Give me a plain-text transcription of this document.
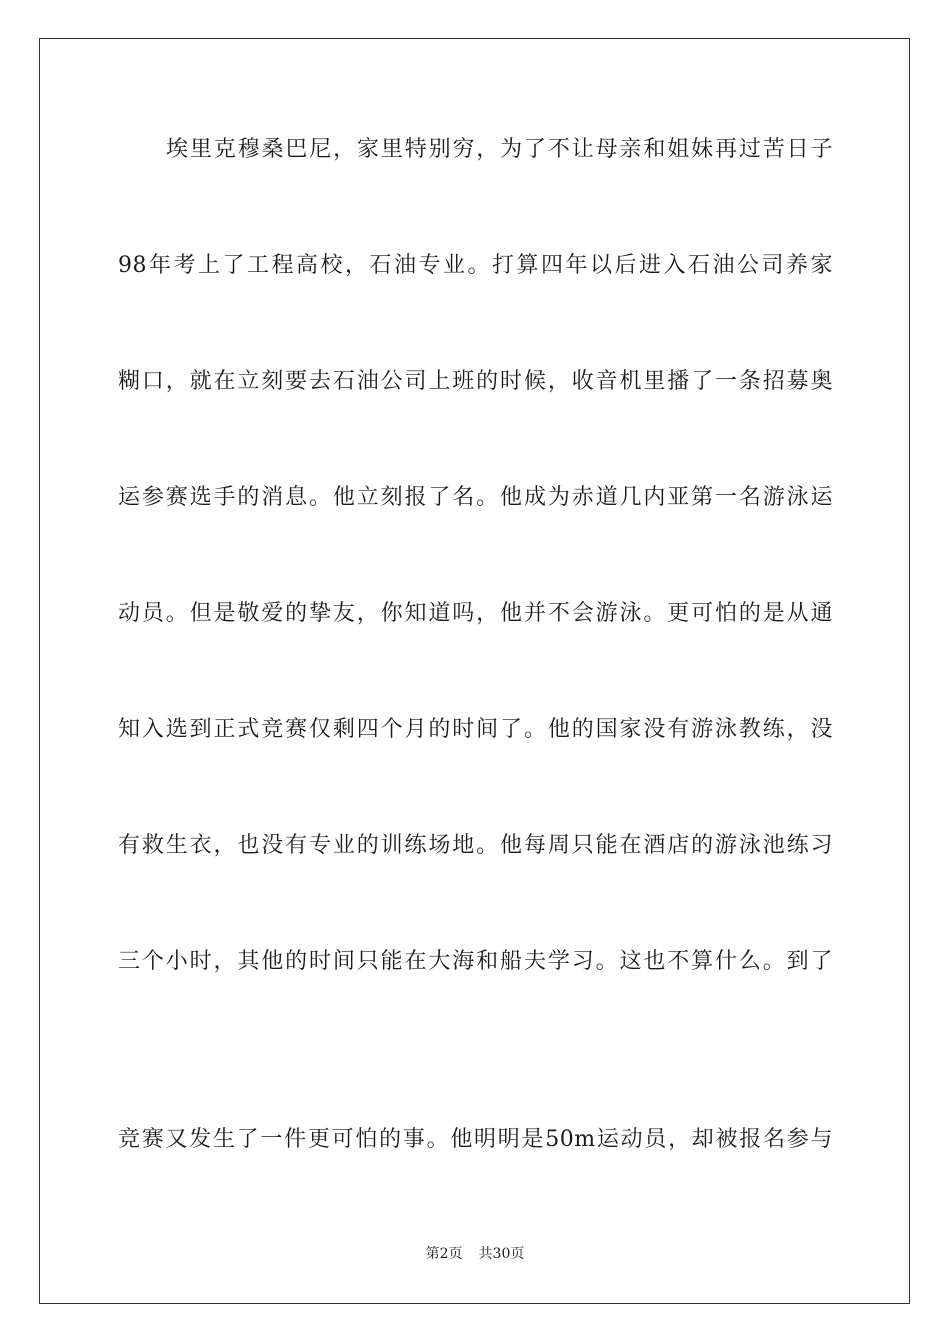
埃里克穆桑巴尼，家里特别穷，为了不让母亲和姐妹再过苦日子
98年考上了工程高校，石油专业。打算四年以后进入石油公司养家
糊口，就在立刻要去石油公司上班的时候，收音机里播了一条招募奥
运参赛选手的消息。他立刻报了名。他成为赤道几内亚第一名游泳运
动员。但是敬爱的挚友，你知道吗，他并不会游泳。更可怕的是从通
知入选到正式竞赛仅剩四个月的时间了。他的国家没有游泳教练，没
有救生衣，也没有专业的训练场地。他每周只能在酒店的游泳池练习
三个小时，其他的时间只能在大海和船夫学习。这也不算什么。到了
竞赛又发生了一件更可怕的事。他明明是50m运动员，却被报名参与
第2页 共30页
